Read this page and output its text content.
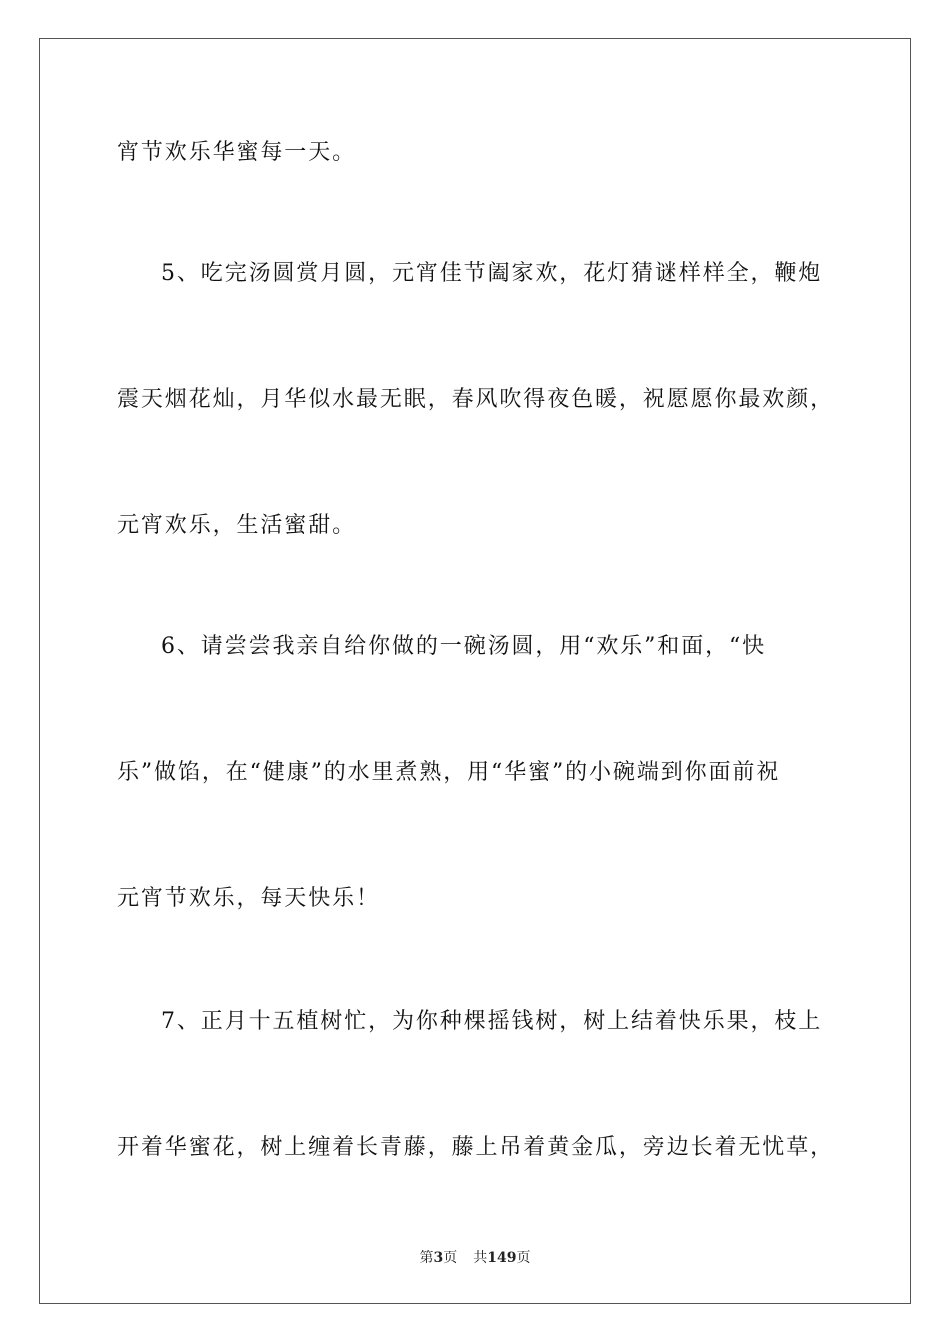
宵节欢乐华蜜每一天。

5、吃完汤圆赏月圆，元宵佳节阖家欢，花灯猜谜样样全，鞭炮

震天烟花灿，月华似水最无眠，春风吹得夜色暖，祝愿愿你最欢颜，

元宵欢乐，生活蜜甜。

6、请尝尝我亲自给你做的一碗汤圆，用“欢乐”和面，“快

乐”做馅，在“健康”的水里煮熟，用“华蜜”的小碗端到你面前祝

元宵节欢乐，每天快乐！

7、正月十五植树忙，为你种棵摇钱树，树上结着快乐果，枝上

开着华蜜花，树上缠着长青藤，藤上吊着黄金瓜，旁边长着无忧草，

第3页 共149页
